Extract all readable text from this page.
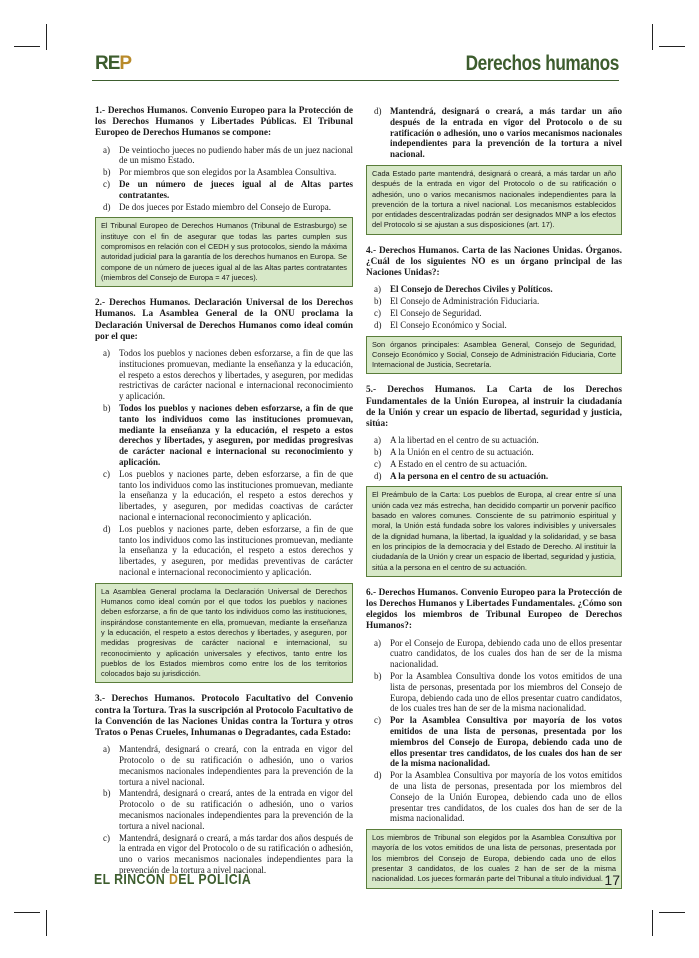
REP	Derechos humanos

1.- Derechos Humanos. Convenio Europeo para la Protección de los Derechos Humanos y Libertades Públicas. El Tribunal Europeo de Derechos Humanos se compone:

a)	De veintiocho jueces no pudiendo haber más de un juez nacional de un mismo Estado.
b) Por miembros que son elegidos por la Asamblea Consultiva.
c)	De un número de jueces igual al de Altas partes contratantes.
d) De dos jueces por Estado miembro del Consejo de Europa.
El Tribunal Europeo de Derechos Humanos (Tribunal de Estrasburgo) se instituye con el fin de asegurar que todas las partes cumplen sus compromisos en relación con el CEDH y sus protocolos, siendo la máxima autoridad judicial para la garantía de los derechos humanos en Europa. Se compone de un número de jueces igual al de las Altas partes contratantes (miembros del Consejo de Europa = 47 jueces).

2.- Derechos Humanos. Declaración Universal de los Derechos Humanos. La Asamblea General de la ONU proclama la Declaración Universal de Derechos Humanos como ideal común por el que:

a)	Todos los pueblos y naciones deben esforzarse, a fin de que las instituciones promuevan, mediante la enseñanza y la educación, el respeto a estos derechos y libertades, y aseguren, por medidas restrictivas de carácter nacional e internacional reconocimiento y aplicación.
b) Todos los pueblos y naciones deben esforzarse, a fin de que tanto los individuos como las instituciones promuevan, mediante la enseñanza y la educación, el respeto a estos derechos y libertades, y aseguren, por medidas progresivas de carácter nacional e internacional su reconocimiento y aplicación.
c)	Los pueblos y naciones parte, deben esforzarse, a fin de que tanto los individuos como las instituciones promuevan, mediante la enseñanza y la educación, el respeto a estos derechos y libertades, y aseguren, por medidas coactivas de carácter nacional e internacional reconocimiento y aplicación.
d) Los pueblos y naciones parte, deben esforzarse, a fin de que tanto los individuos como las instituciones promuevan, mediante la enseñanza y la educación, el respeto a estos derechos y libertades, y aseguren, por medidas preventivas de carácter nacional e internacional reconocimiento y aplicación.
La Asamblea General proclama la Declaración Universal de Derechos Humanos como ideal común por el que todos los pueblos y naciones deben esforzarse, a fin de que tanto los individuos como las instituciones, inspirándose constantemente en ella, promuevan, mediante la enseñanza y la educación, el respeto a estos derechos y libertades, y aseguren, por medidas progresivas de carácter nacional e internacional, su reconocimiento y aplicación universales y efectivos, tanto entre los pueblos de los Estados miembros como entre los de los territorios colocados bajo su jurisdicción.

3.- Derechos Humanos. Protocolo Facultativo del Convenio contra la Tortura. Tras la suscripción al Protocolo Facultativo de la Convención de las Naciones Unidas contra la Tortura y otros Tratos o Penas Crueles, Inhumanas o Degradantes, cada Estado:

a)	Mantendrá, designará o creará, con la entrada en vigor del Protocolo o de su ratificación o adhesión, uno o varios mecanismos nacionales independientes para la prevención de la tortura a nivel nacional.
b) Mantendrá, designará o creará, antes de la entrada en vigor del Protocolo o de su ratificación o adhesión, uno o varios mecanismos nacionales independientes para la prevención de la tortura a nivel nacional.
c)	Mantendrá, designará o creará, a más tardar dos años después de la entrada en vigor del Protocolo o de su ratificación o adhesión, uno o varios mecanismos nacionales independientes para la prevención de la tortura a nivel nacional.
d) Mantendrá, designará o creará, a más tardar un año después de la entrada en vigor del Protocolo o de su ratificación o adhesión, uno o varios mecanismos nacionales independientes para la prevención de la tortura a nivel nacional.
Cada Estado parte mantendrá, designará o creará, a más tardar un año después de la entrada en vigor del Protocolo o de su ratificación o adhesión, uno o varios mecanismos nacionales independientes para la prevención de la tortura a nivel nacional. Los mecanismos establecidos por entidades descentralizadas podrán ser designados MNP a los efectos del Protocolo si se ajustan a sus disposiciones (art. 17).

4.- Derechos Humanos. Carta de las Naciones Unidas. Órganos. ¿Cuál de los siguientes NO es un órgano principal de las Naciones Unidas?:

a)	El Consejo de Derechos Civiles y Políticos.
b) El Consejo de Administración Fiduciaria.
c)	El Consejo de Seguridad.
d) El Consejo Económico y Social.
Son órganos principales: Asamblea General, Consejo de Seguridad, Consejo Económico y Social, Consejo de Administración Fiduciaria, Corte Internacional de Justicia, Secretaría.

5.- Derechos Humanos. La Carta de los Derechos Fundamentales de la Unión Europea, al instruir la ciudadanía de la Unión y crear un espacio de libertad, seguridad y justicia, sitúa:

a)	A la libertad en el centro de su actuación.
b) A la Unión en el centro de su actuación.
c)	A Estado en el centro de su actuación.
d) A la persona en el centro de su actuación.
El Preámbulo de la Carta: Los pueblos de Europa, al crear entre sí una unión cada vez más estrecha, han decidido compartir un porvenir pacífico basado en valores comunes. Consciente de su patrimonio espiritual y moral, la Unión está fundada sobre los valores indivisibles y universales de la dignidad humana, la libertad, la igualdad y la solidaridad, y se basa en los principios de la democracia y del Estado de Derecho. Al instituir la ciudadanía de la Unión y crear un espacio de libertad, seguridad y justicia, sitúa a la persona en el centro de su actuación.

6.- Derechos Humanos. Convenio Europeo para la Protección de los Derechos Humanos y Libertades Fundamentales. ¿Cómo son elegidos los miembros de Tribunal Europeo de Derechos Humanos?:

a)	Por el Consejo de Europa, debiendo cada uno de ellos presentar cuatro candidatos, de los cuales dos han de ser de la misma nacionalidad.
b) Por la Asamblea Consultiva donde los votos emitidos de una lista de personas, presentada por los miembros del Consejo de Europa, debiendo cada uno de ellos presentar cuatro candidatos, de los cuales tres han de ser de la misma nacionalidad.
c)	Por la Asamblea Consultiva por mayoría de los votos emitidos de una lista de personas, presentada por los miembros del Consejo de Europa, debiendo cada uno de ellos presentar tres candidatos, de los cuales dos han de ser de la misma nacionalidad.
d) Por la Asamblea Consultiva por mayoría de los votos emitidos de una lista de personas, presentada por los miembros del Consejo de la Unión Europea, debiendo cada uno de ellos presentar tres candidatos, de los cuales dos han de ser de la misma nacionalidad.
Los miembros de Tribunal son elegidos por la Asamblea Consultiva por mayoría de los votos emitidos de una lista de personas, presentada por los miembros del Consejo de Europa, debiendo cada uno de ellos presentar 3 candidatos, de los cuales 2 han de ser de la misma nacionalidad. Los jueces formarán parte del Tribunal a título individual.
EL RINCÓN DEL POLICÍA	17
